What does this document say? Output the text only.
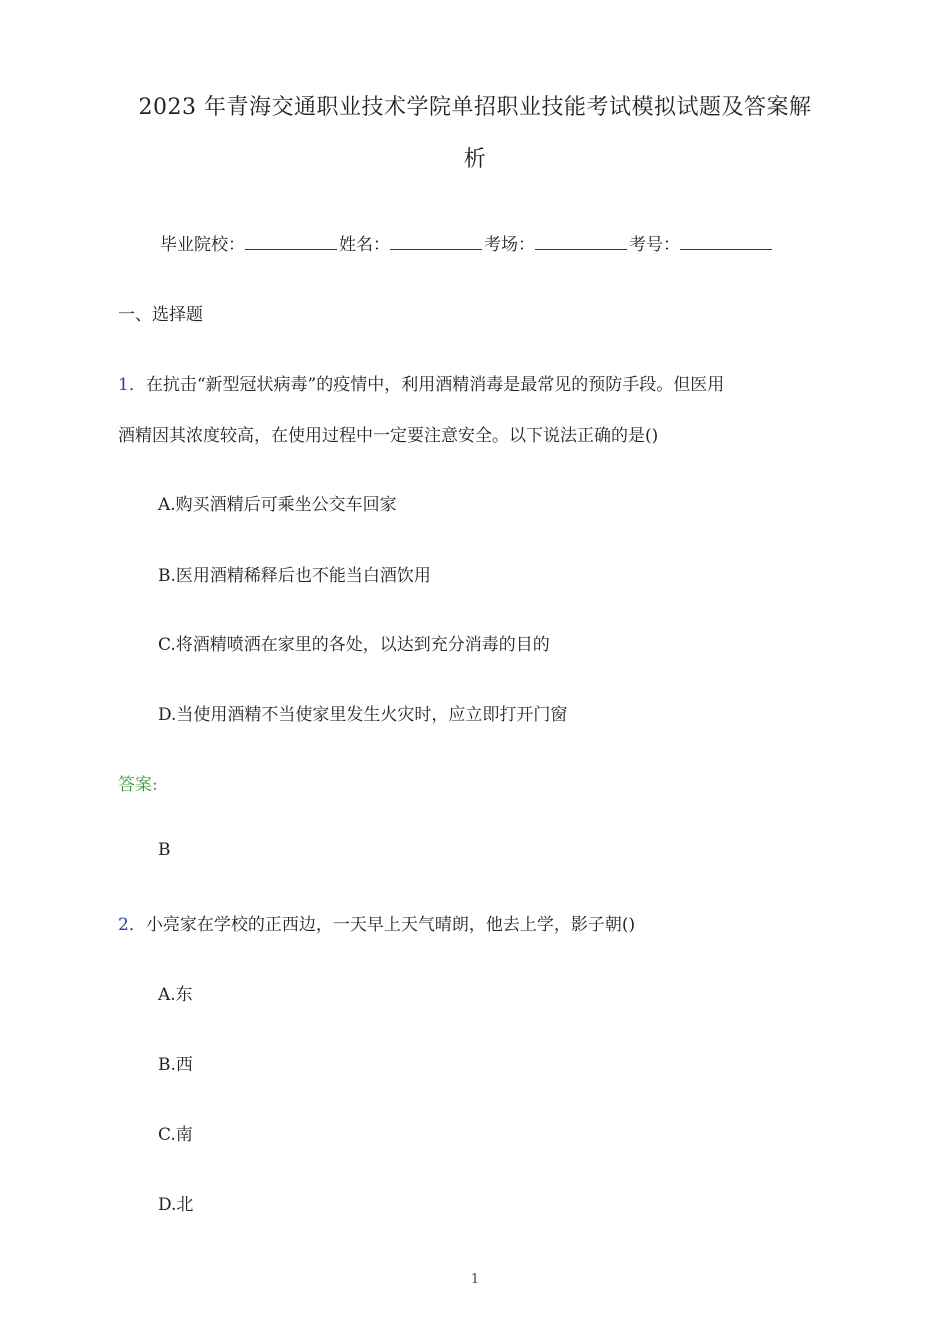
2023 年青海交通职业技术学院单招职业技能考试模拟试题及答案解
析
毕业院校：	姓名：	考场：	考号：
一、选择题
1．在抗击“新型冠状病毒”的疫情中，利用酒精消毒是最常见的预防手段。但医用
酒精因其浓度较高，在使用过程中一定要注意安全。以下说法正确的是()
A.购买酒精后可乘坐公交车回家
B.医用酒精稀释后也不能当白酒饮用
C.将酒精喷洒在家里的各处，以达到充分消毒的目的
D.当使用酒精不当使家里发生火灾时，应立即打开门窗
答案:
B
2．小亮家在学校的正西边，一天早上天气晴朗，他去上学，影子朝()
A.东
B.西
C.南
D.北
1
